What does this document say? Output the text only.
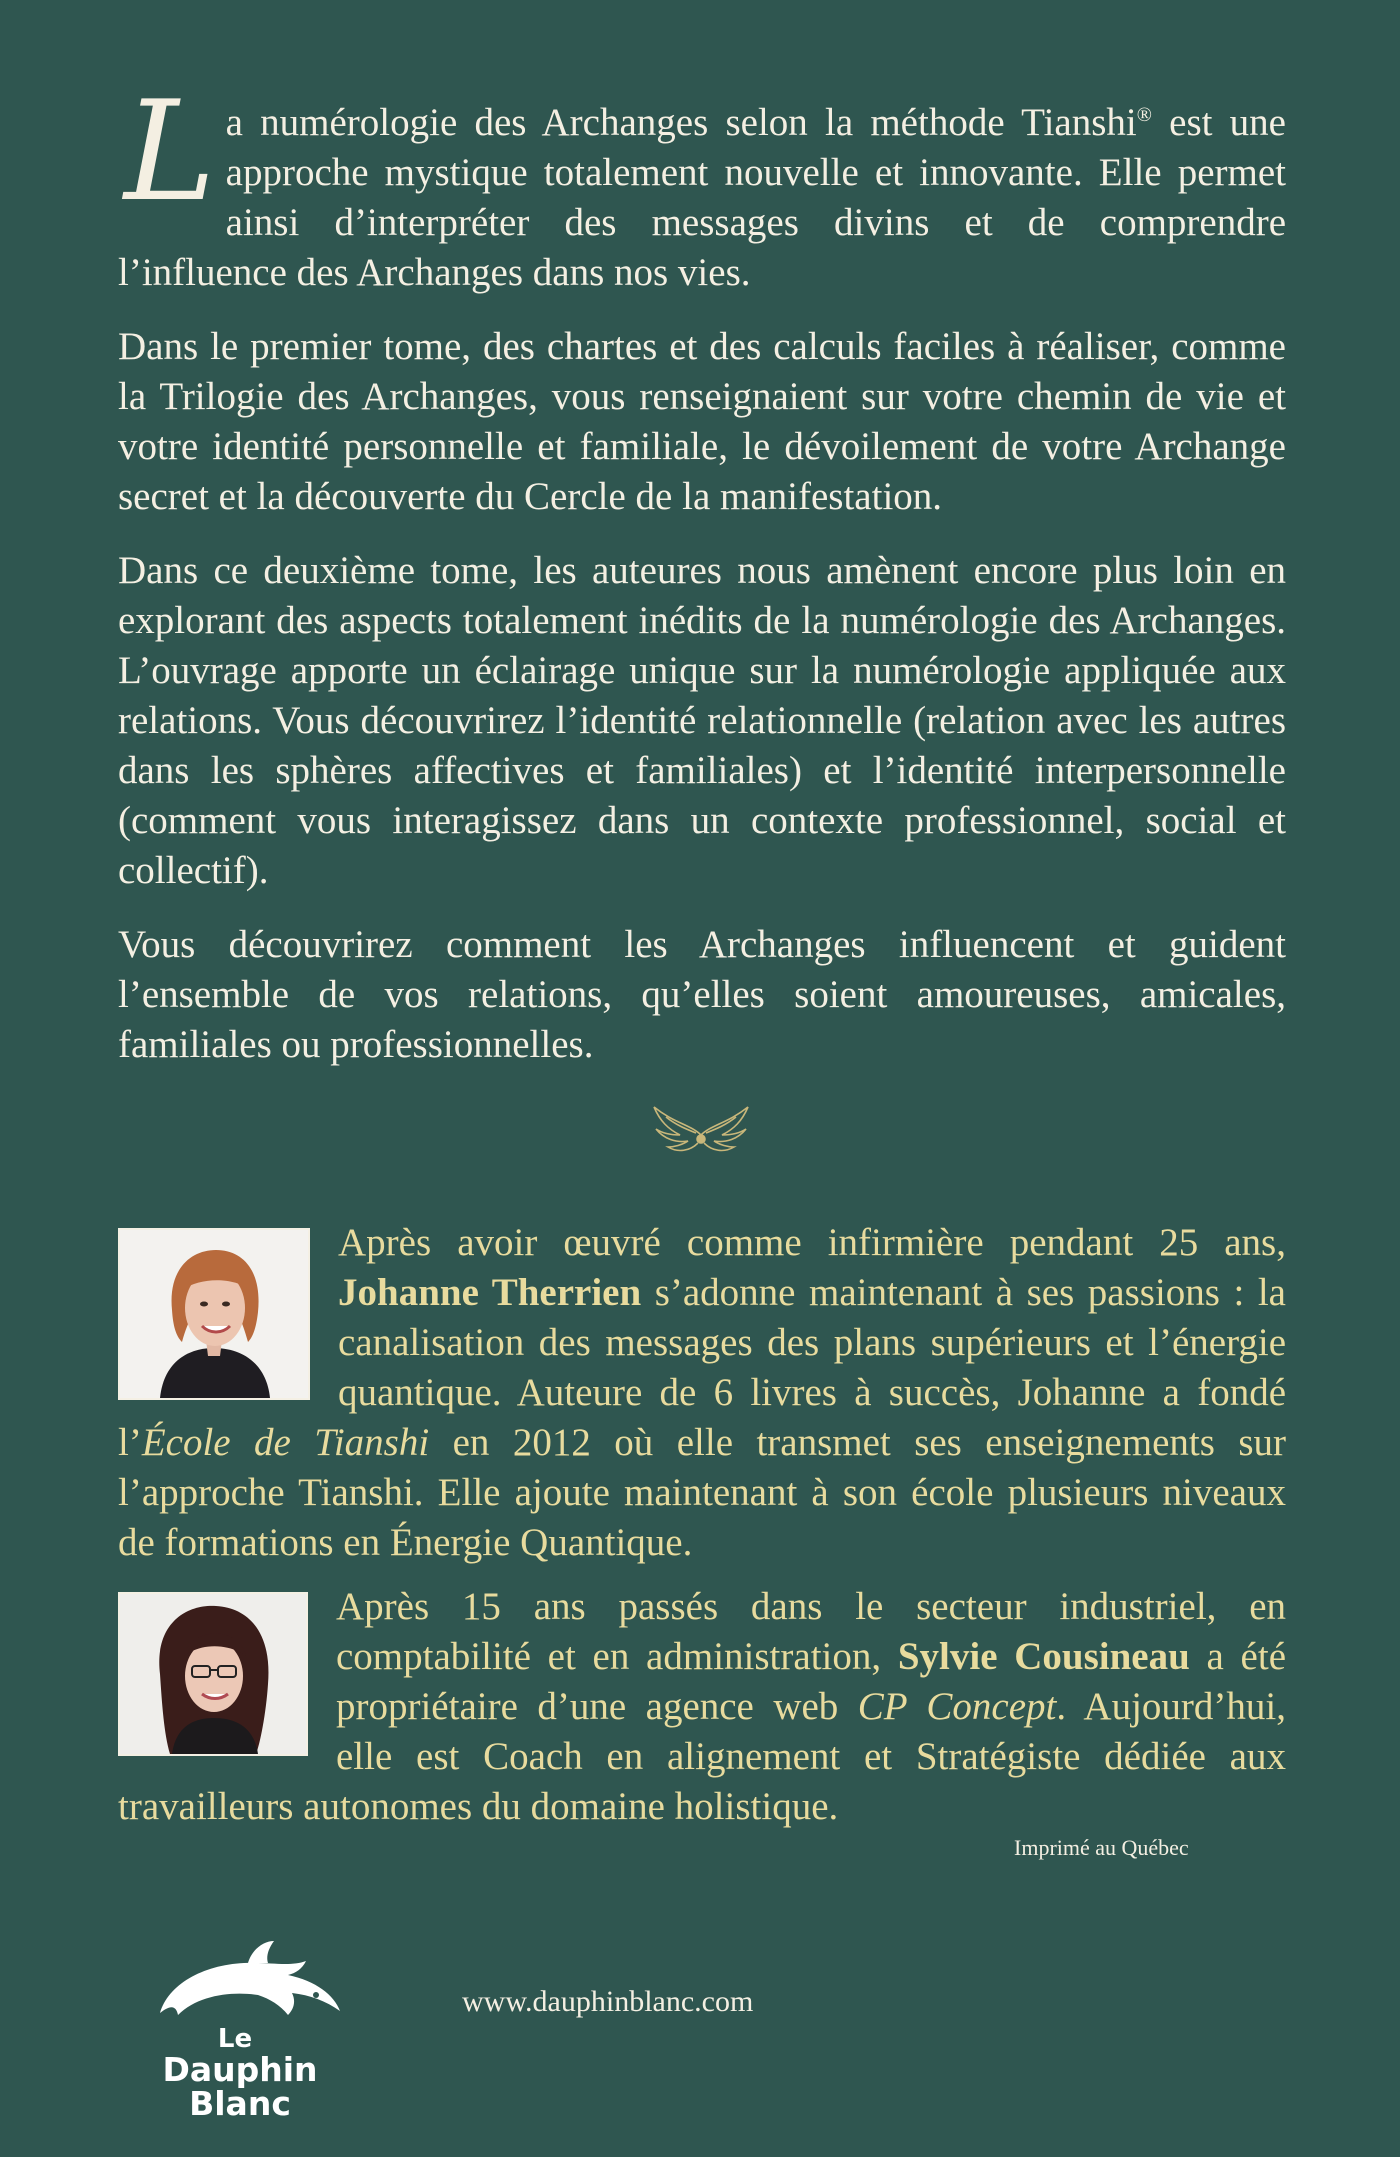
La numérologie des Archanges selon la méthode Tianshi® est une approche mystique totalement nouvelle et innovante. Elle permet ainsi d’interpréter des messages divins et de comprendre l’influence des Archanges dans nos vies.

Dans le premier tome, des chartes et des calculs faciles à réaliser, comme la Trilogie des Archanges, vous renseignaient sur votre chemin de vie et votre identité personnelle et familiale, le dévoilement de votre Archange secret et la découverte du Cercle de la manifestation.

Dans ce deuxième tome, les auteures nous amènent encore plus loin en explorant des aspects totalement inédits de la numérologie des Archanges. L’ouvrage apporte un éclairage unique sur la numérologie appliquée aux relations. Vous découvrirez l’identité relationnelle (relation avec les autres dans les sphères affectives et familiales) et l’identité interpersonnelle (comment vous interagissez dans un contexte professionnel, social et collectif).

Vous découvrirez comment les Archanges influencent et guident l’ensemble de vos relations, qu’elles soient amoureuses, amicales, familiales ou professionnelles.

Après avoir œuvré comme infirmière pendant 25 ans, Johanne Therrien s’adonne maintenant à ses passions : la canalisation des messages des plans supérieurs et l’énergie quantique. Auteure de 6 livres à succès, Johanne a fondé l’École de Tianshi en 2012 où elle transmet ses enseignements sur l’approche Tianshi. Elle ajoute maintenant à son école plusieurs niveaux de formations en Énergie Quantique.
Après 15 ans passés dans le secteur industriel, en comptabilité et en administration, Sylvie Cousineau a été propriétaire d’une agence web CP Concept. Aujourd’hui, elle est Coach en alignement et Stratégiste dédiée aux travailleurs autonomes du domaine holistique.
Imprimé au Québec
Le
Dauphin
Blanc
www.dauphinblanc.com
